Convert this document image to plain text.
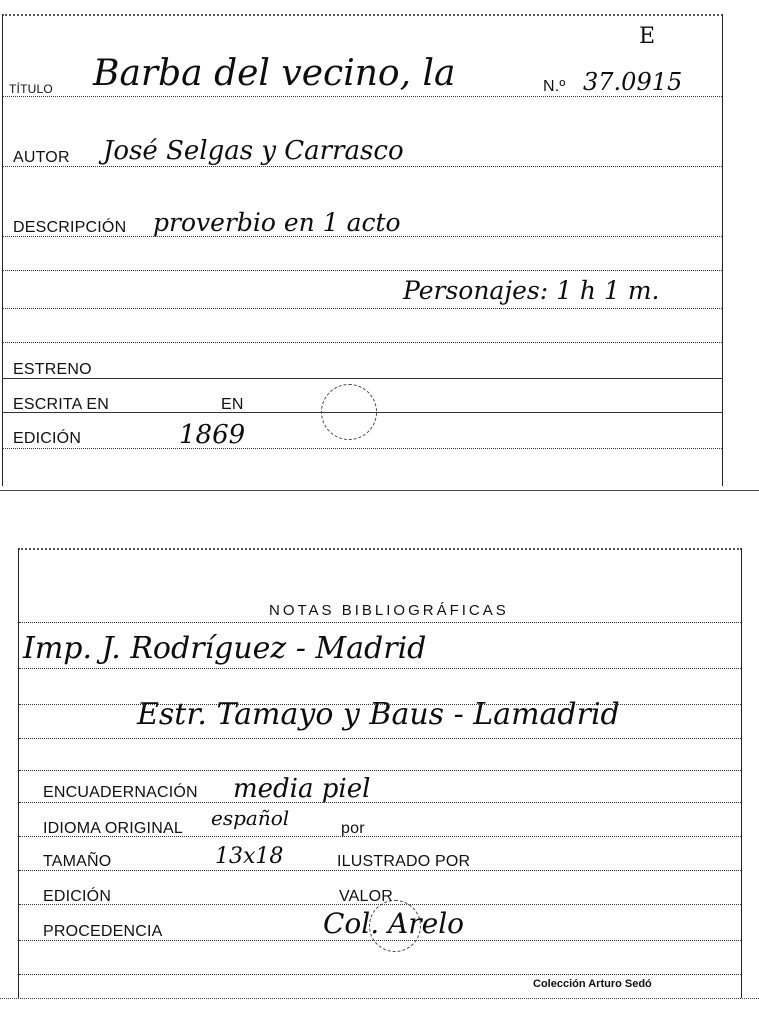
E
TÍTULO Barba del vecino, la	N.º 37.0915
AUTOR José Selgas y Carrasco
DESCRIPCIÓN proverbio en 1 acto
Personajes: 1 h 1 m.
ESTRENO
ESCRITA EN	EN
EDICIÓN	1869
NOTAS BIBLIOGRÁFICAS
Imp. J. Rodríguez - Madrid
Estr. Tamayo y Baus - Lamadrid
ENCUADERNACIÓN media piel
IDIOMA ORIGINAL español	por
TAMAÑO	13x18	ILUSTRADO POR
EDICIÓN	VALOR
PROCEDENCIA	Col. Arelo
Colección Arturo Sedó
